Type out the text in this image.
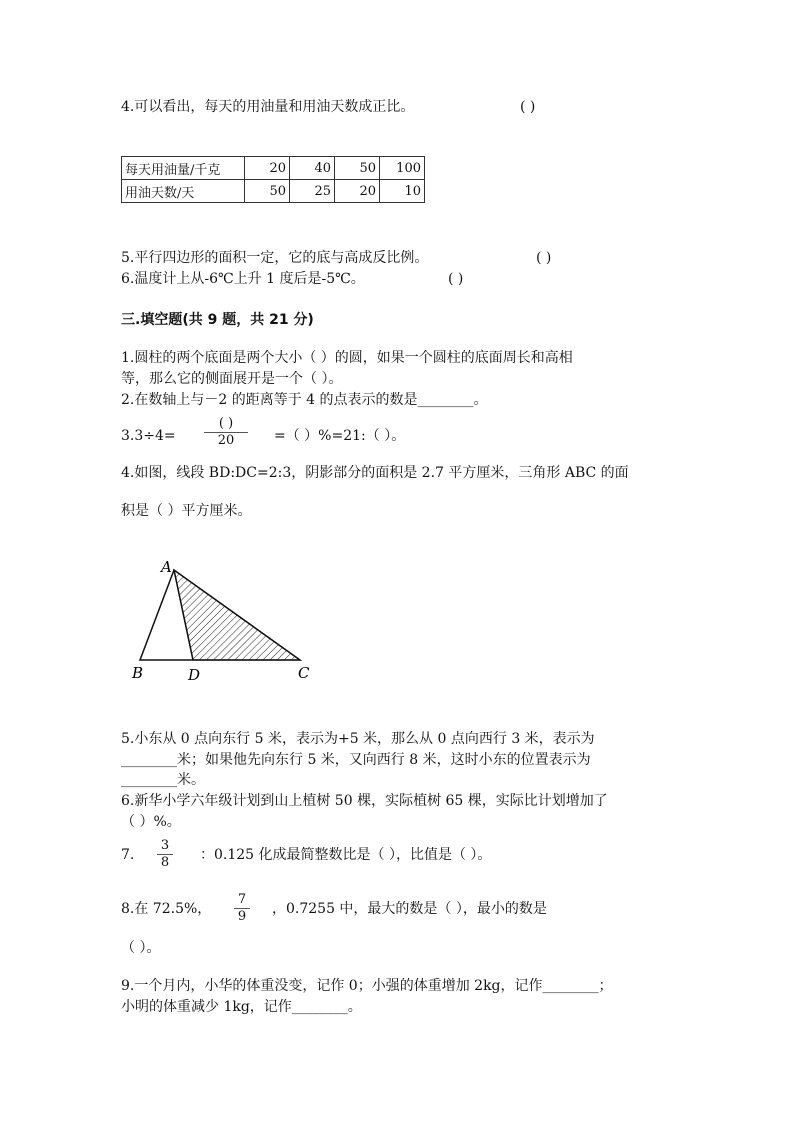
4.可以看出，每天的用油量和用油天数成正比。	( )
每天用油量/千克	20	40	50	100
用油天数/天	50	25	20	10
5.平行四边形的面积一定，它的底与高成反比例。	( )
6.温度计上从-6℃上升 1 度后是-5℃。	( )
三.填空题(共 9 题，共 21 分)
1.圆柱的两个底面是两个大小（ ）的圆，如果一个圆柱的底面周长和高相
等，那么它的侧面展开是一个（ ）。
2.在数轴上与－2 的距离等于 4 的点表示的数是________。
3.3÷4=
( )
20	=（ ）%=21:（ ）。
4.如图，线段 BD:DC=2:3，阴影部分的面积是 2.7 平方厘米，三角形 ABC 的面
积是（ ）平方厘米。
A
B	D	C
5.小东从 0 点向东行 5 米，表示为+5 米，那么从 0 点向西行 3 米，表示为
________米；如果他先向东行 5 米，又向西行 8 米，这时小东的位置表示为
________米。
6.新华小学六年级计划到山上植树 50 棵，实际植树 65 棵，实际比计划增加了
（ ）%。
7.
3
8 ：0.125 化成最简整数比是（ ），比值是（ ）。
8.在 72.5%，
7
9 ，0.7255 中，最大的数是（ ），最小的数是
（ ）。
9.一个月内，小华的体重没变，记作 0；小强的体重增加 2kg，记作________；
小明的体重减少 1kg，记作________。
